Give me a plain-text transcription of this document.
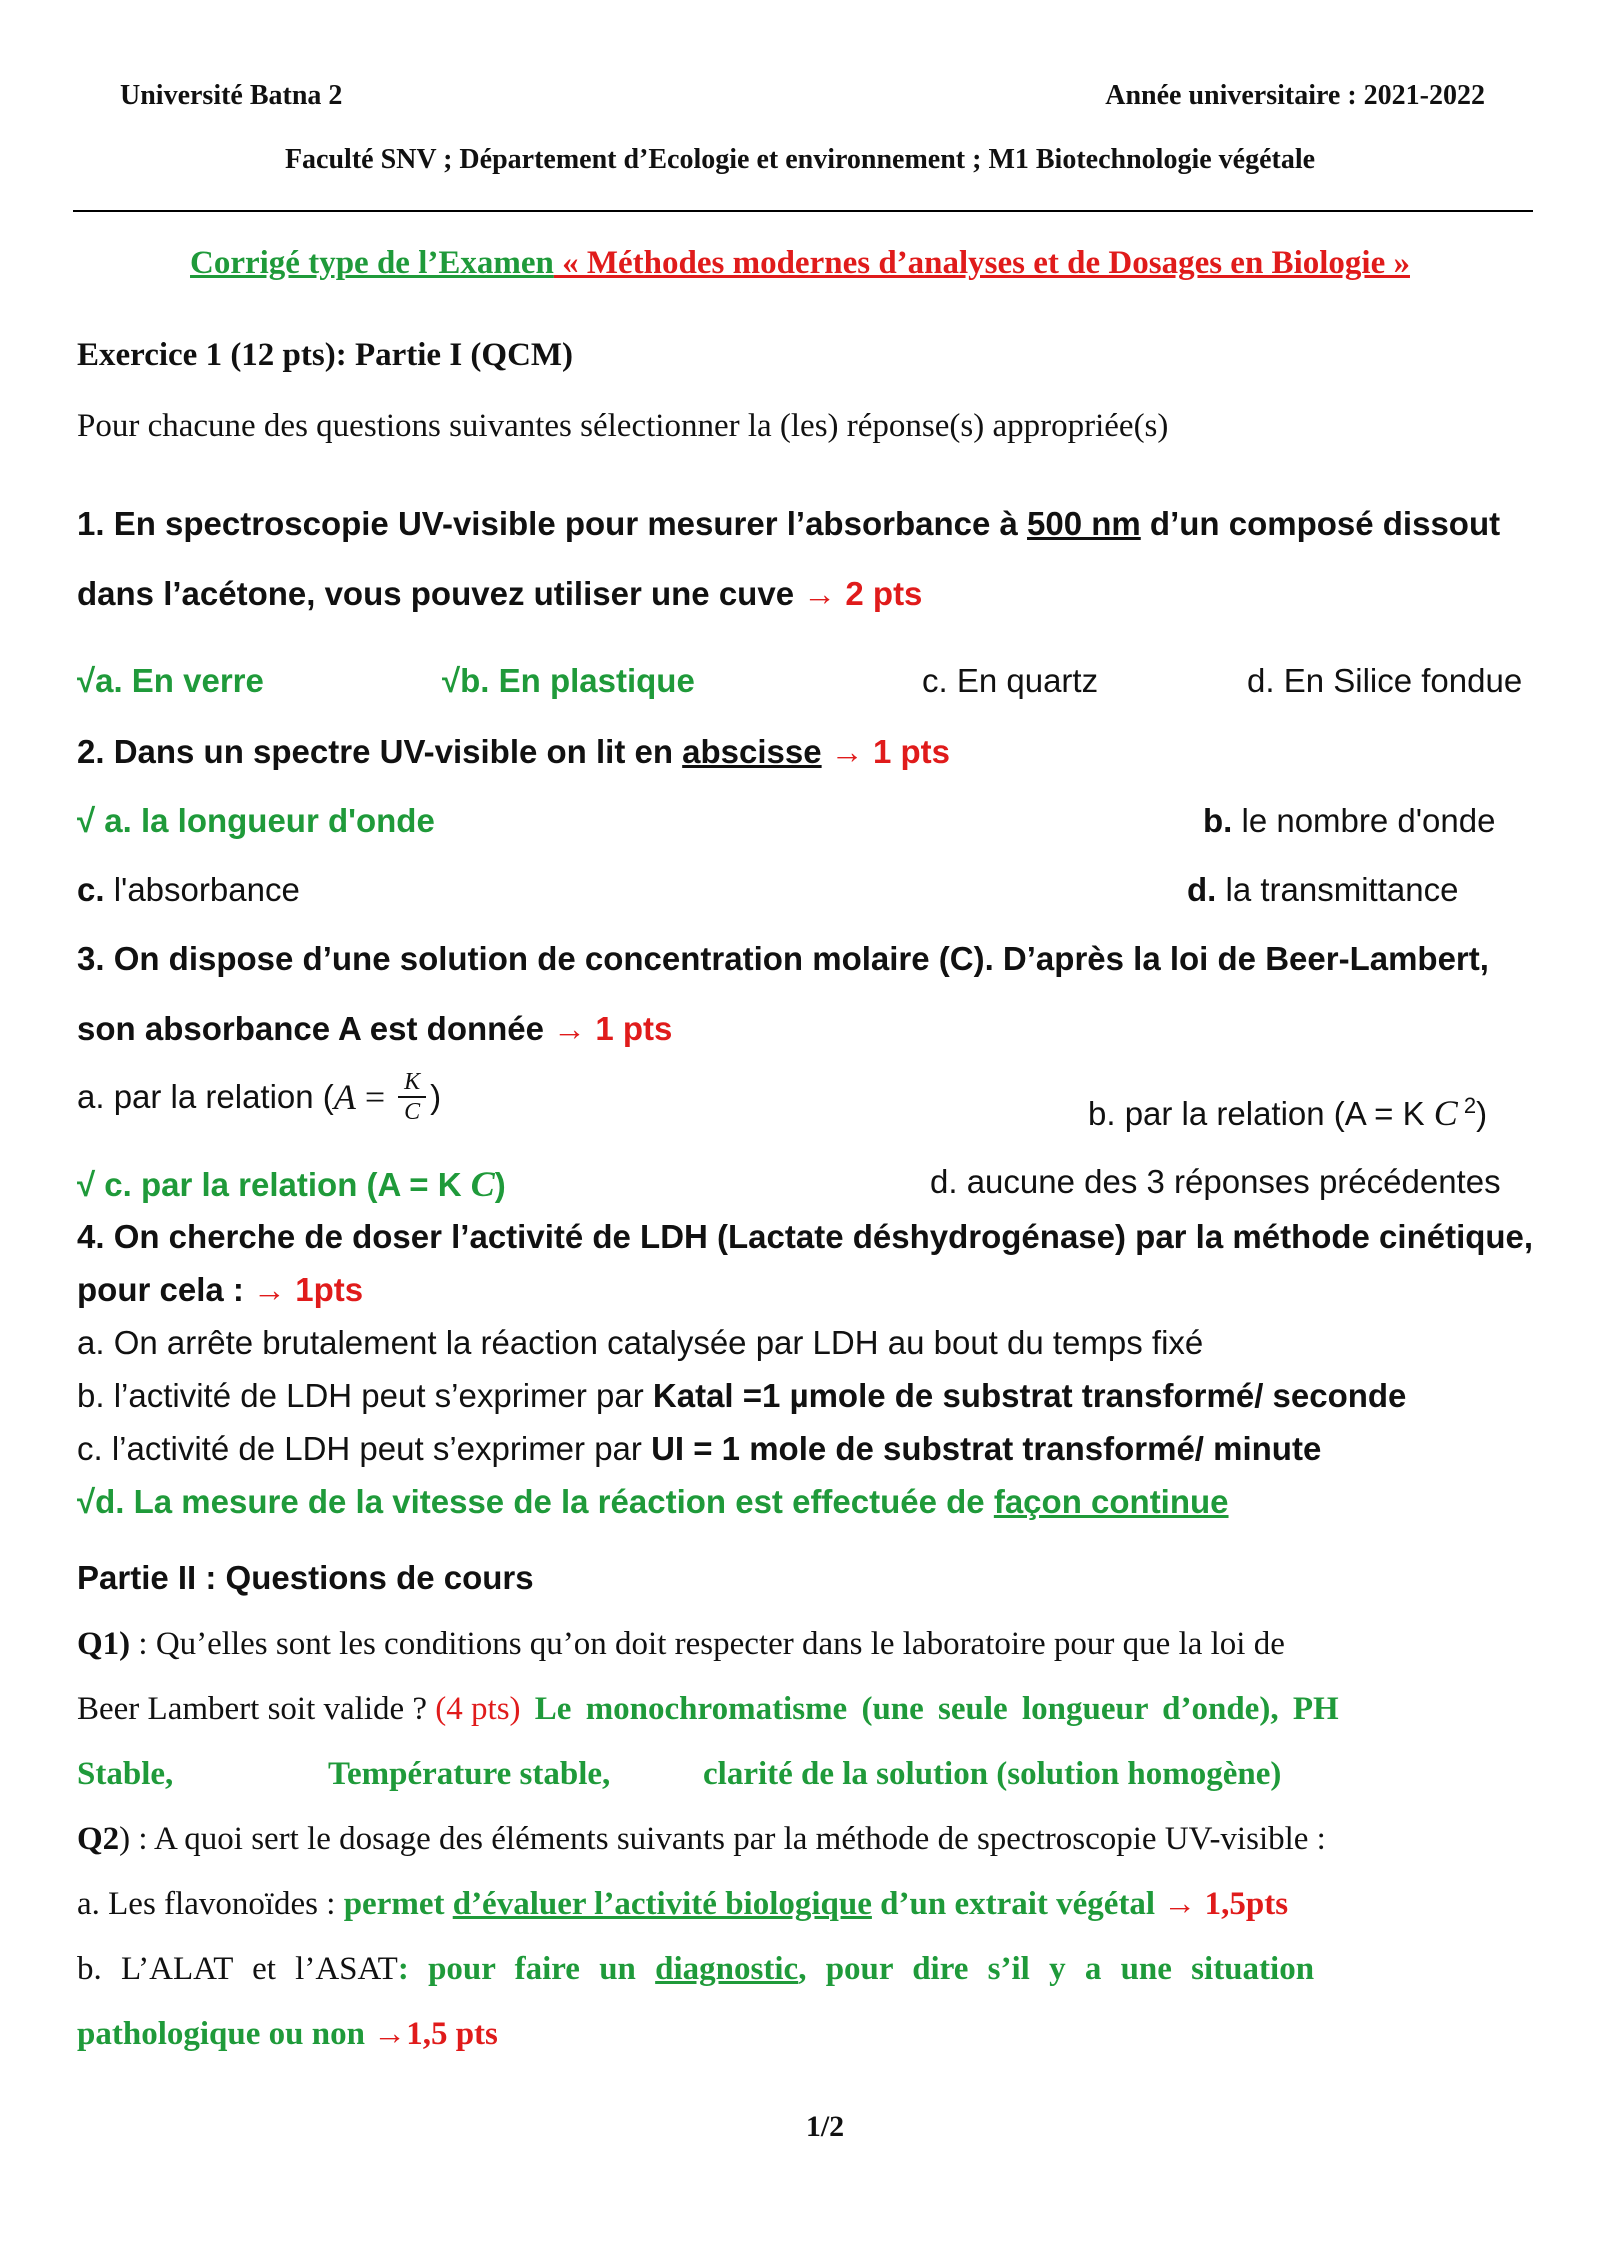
Université Batna 2	Année universitaire : 2021-2022
Faculté SNV ; Département d’Ecologie et environnement ; M1 Biotechnologie végétale
Corrigé type de l’Examen « Méthodes modernes d’analyses et de Dosages en Biologie »
Exercice 1 (12 pts): Partie I (QCM)
Pour chacune des questions suivantes sélectionner la (les) réponse(s) appropriée(s)
1. En spectroscopie UV-visible pour mesurer l’absorbance à 500 nm d’un composé dissout
dans l’acétone, vous pouvez utiliser une cuve → 2 pts
√a. En verre	√b. En plastique	c. En quartz	d. En Silice fondue
2. Dans un spectre UV-visible on lit en abscisse → 1 pts
√ a. la longueur d'onde	b. le nombre d'onde
c. l'absorbance	d. la transmittance
3. On dispose d’une solution de concentration molaire (C). D’après la loi de Beer-Lambert,
son absorbance A est donnée → 1 pts
a. par la relation ( $A = \frac{K}{C}$ )	b. par la relation (A = K C $^2$)
√ c. par la relation (A = K C)	d. aucune des 3 réponses précédentes
4. On cherche de doser l’activité de LDH (Lactate déshydrogénase) par la méthode cinétique,
pour cela : → 1pts
a. On arrête brutalement la réaction catalysée par LDH au bout du temps fixé
b. l’activité de LDH peut s’exprimer par Katal =1 µmole de substrat transformé/ seconde
c. l’activité de LDH peut s’exprimer par UI = 1 mole de substrat transformé/ minute
√d. La mesure de la vitesse de la réaction est effectuée de façon continue
Partie II : Questions de cours
Q1) : Qu’elles sont les conditions qu’on doit respecter dans le laboratoire pour que la loi de
Beer Lambert soit valide ? (4 pts) Le monochromatisme (une seule longueur d’onde), PH
Stable,	Température stable,	clarité de la solution (solution homogène)
Q2) : A quoi sert le dosage des éléments suivants par la méthode de spectroscopie UV-visible :
a. Les flavonoïdes : permet d’évaluer l’activité biologique d’un extrait végétal → 1,5pts
b. L’ALAT et l’ASAT: pour faire un diagnostic, pour dire s’il y a une situation
pathologique ou non →1,5 pts
1/2
